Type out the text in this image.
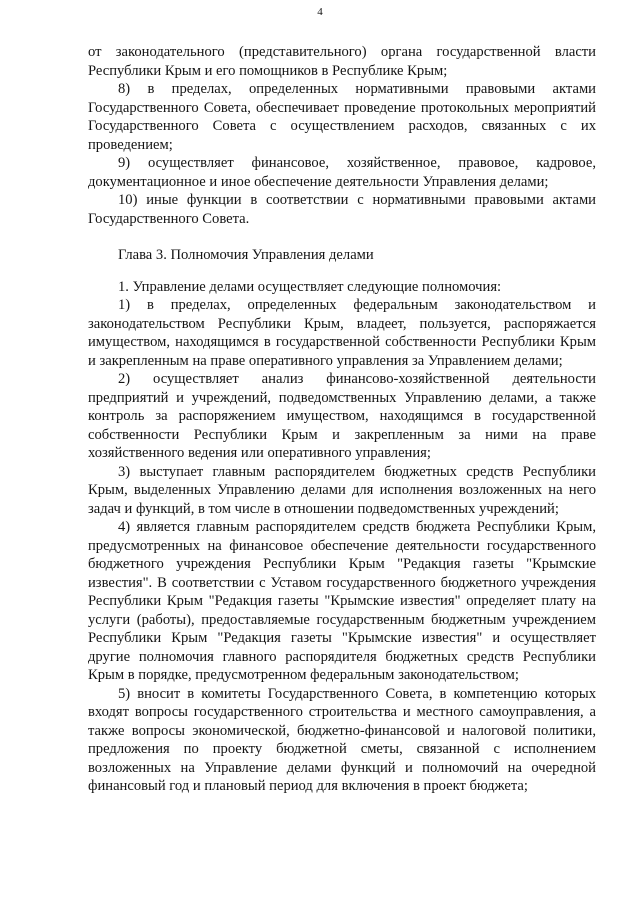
4

от законодательного (представительного) органа государственной власти Республики Крым и его помощников в Республике Крым;

8) в пределах, определенных нормативными правовыми актами Государственного Совета, обеспечивает проведение протокольных мероприятий Государственного Совета с осуществлением расходов, связанных с их проведением;

9) осуществляет финансовое, хозяйственное, правовое, кадровое, документационное и иное обеспечение деятельности Управления делами;

10) иные функции в соответствии с нормативными правовыми актами Государственного Совета.

Глава 3. Полномочия Управления делами

1. Управление делами осуществляет следующие полномочия:

1) в пределах, определенных федеральным законодательством и законодательством Республики Крым, владеет, пользуется, распоряжается имуществом, находящимся в государственной собственности Республики Крым и закрепленным на праве оперативного управления за Управлением делами;

2) осуществляет анализ финансово-хозяйственной деятельности предприятий и учреждений, подведомственных Управлению делами, а также контроль за распоряжением имуществом, находящимся в государственной собственности Республики Крым и закрепленным за ними на праве хозяйственного ведения или оперативного управления;

3) выступает главным распорядителем бюджетных средств Республики Крым, выделенных Управлению делами для исполнения возложенных на него задач и функций, в том числе в отношении подведомственных учреждений;

4) является главным распорядителем средств бюджета Республики Крым, предусмотренных на финансовое обеспечение деятельности государственного бюджетного учреждения Республики Крым "Редакция газеты "Крымские известия". В соответствии с Уставом государственного бюджетного учреждения Республики Крым "Редакция газеты "Крымские известия" определяет плату на услуги (работы), предоставляемые государственным бюджетным учреждением Республики Крым "Редакция газеты "Крымские известия" и осуществляет другие полномочия главного распорядителя бюджетных средств Республики Крым в порядке, предусмотренном федеральным законодательством;

5) вносит в комитеты Государственного Совета, в компетенцию которых входят вопросы государственного строительства и местного самоуправления, а также вопросы экономической, бюджетно-финансовой и налоговой политики, предложения по проекту бюджетной сметы, связанной с исполнением возложенных на Управление делами функций и полномочий на очередной финансовый год и плановый период для включения в проект бюджета;
